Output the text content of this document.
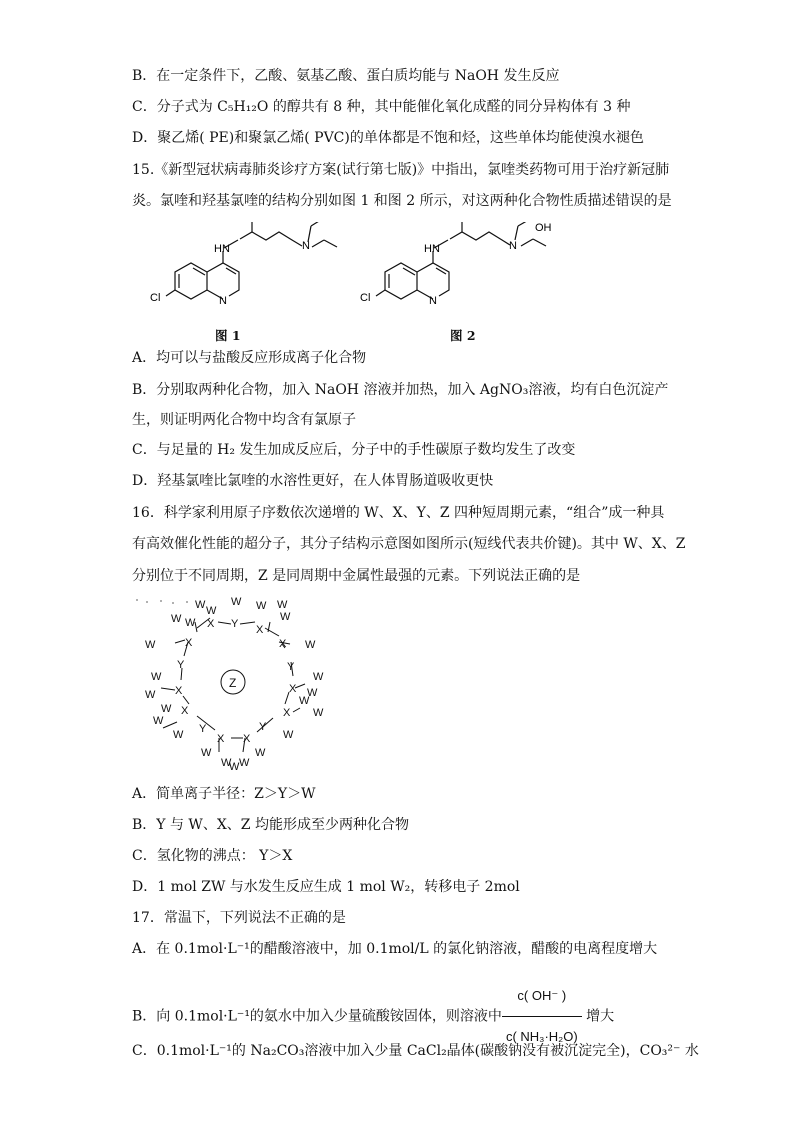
B．在一定条件下，乙酸、氨基乙酸、蛋白质均能与 NaOH 发生反应
C．分子式为 C₅H₁₂O 的醇共有 8 种，其中能催化氧化成醛的同分异构体有 3 种
D．聚乙烯( PE)和聚氯乙烯( PVC)的单体都是不饱和烃，这些单体均能使溴水褪色
15.《新型冠状病毒肺炎诊疗方案(试行第七版)》中指出，氯喹类药物可用于治疗新冠肺
炎。氯喹和羟基氯喹的结构分别如图 1 和图 2 所示，对这两种化合物性质描述错误的是
HN	N
N
Cl
HN	N
N
Cl
OH
图 1	图 2
A．均可以与盐酸反应形成离子化合物
B．分别取两种化合物，加入 NaOH 溶液并加热，加入 AgNO₃溶液，均有白色沉淀产
生，则证明两化合物中均含有氯原子
C．与足量的 H₂ 发生加成反应后，分子中的手性碳原子数均发生了改变
D．羟基氯喹比氯喹的水溶性更好，在人体胃肠道吸收更快
16．科学家利用原子序数依次递增的 W、X、Y、Z 四种短周期元素，“组合”成一种具
有高效催化性能的超分子，其分子结构示意图如图所示(短线代表共价键)。其中 W、X、Z
分别位于不同周期，Z 是同周期中金属性最强的元素。下列说法正确的是
W W
W W W
W
W W X Y X
X	X
W	W
Y	Y
W	W
X	X
W	W
W
W
X	X
W
W
W	W
Y	Y
X X
W	W
W W
W
Z
A．简单离子半径：Z＞Y＞W
B．Y 与 W、X、Z 均能形成至少两种化合物
C．氢化物的沸点： Y＞X
D．1 mol ZW 与水发生反应生成 1 mol W₂，转移电子 2mol
17．常温下，下列说法不正确的是
A．在 0.1mol·L⁻¹的醋酸溶液中，加 0.1mol/L 的氯化钠溶液，醋酸的电离程度增大
B．向 0.1mol·L⁻¹的氨水中加入少量硫酸铵固体，则溶液中 $\frac{c( OH^- )}{\text{c( NH₃·H₂O)}}$ 增大
C．0.1mol·L⁻¹的 Na₂CO₃溶液中加入少量 CaCl₂晶体(碳酸钠没有被沉淀完全)，CO₃²⁻ 水
